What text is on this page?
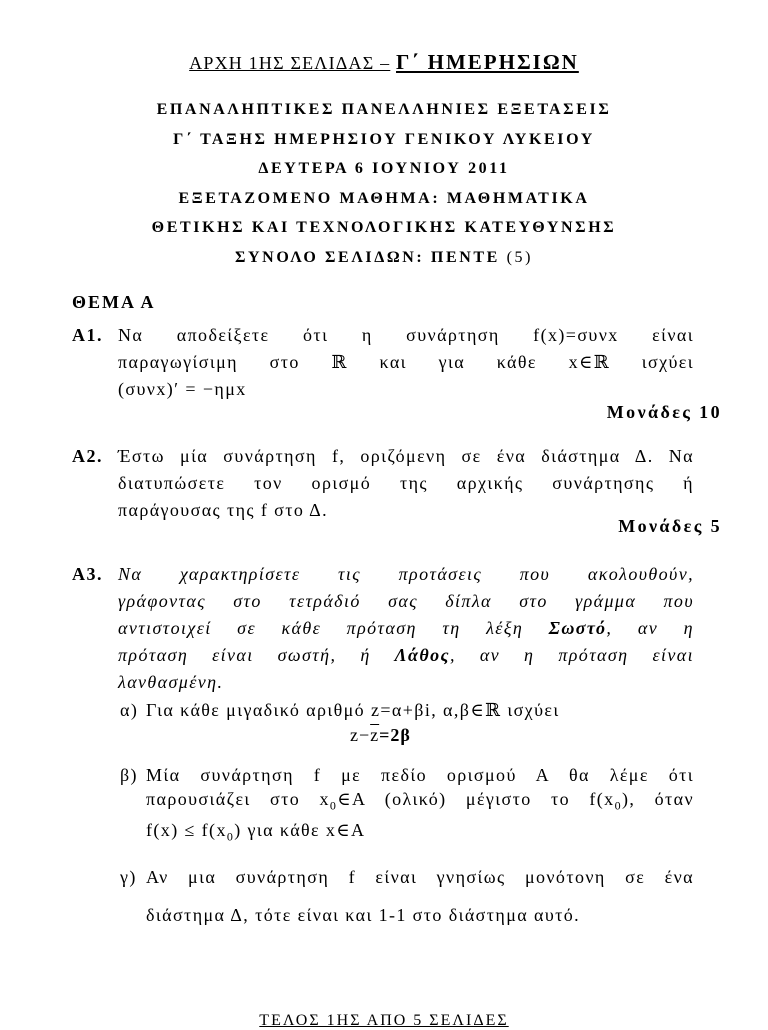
ΑΡΧΗ 1ΗΣ ΣΕΛΙΔΑΣ – Γ΄ ΗΜΕΡΗΣΙΩΝ
ΕΠΑΝΑΛΗΠΤΙΚΕΣ ΠΑΝΕΛΛΗΝΙΕΣ ΕΞΕΤΑΣΕΙΣ
Γ΄ ΤΑΞΗΣ ΗΜΕΡΗΣΙΟΥ ΓΕΝΙΚΟΥ ΛΥΚΕΙΟΥ
ΔΕΥΤΕΡΑ 6 ΙΟΥΝΙΟΥ 2011
ΕΞΕΤΑΖΟΜΕΝΟ ΜΑΘΗΜΑ: ΜΑΘΗΜΑΤΙΚΑ
ΘΕΤΙΚΗΣ ΚΑΙ ΤΕΧΝΟΛΟΓΙΚΗΣ ΚΑΤΕΥΘΥΝΣΗΣ
ΣΥΝΟΛΟ ΣΕΛΙΔΩΝ: ΠΕΝΤΕ (5)
ΘΕΜΑ Α
Α1. Να αποδείξετε ότι η συνάρτηση f(x)=συνx είναι
παραγωγίσιμη στο ℝ και για κάθε x∈ℝ ισχύει
(συνx)′ = −ημx
Μονάδες 10
Α2. Έστω μία συνάρτηση f, οριζόμενη σε ένα διάστημα Δ. Να
διατυπώσετε τον ορισμό της αρχικής συνάρτησης ή
παράγουσας της f στο Δ.
Μονάδες 5
Α3. Να χαρακτηρίσετε τις προτάσεις που ακολουθούν,
γράφοντας στο τετράδιό σας δίπλα στο γράμμα που
αντιστοιχεί σε κάθε πρόταση τη λέξη Σωστό, αν η
πρόταση είναι σωστή, ή Λάθος, αν η πρόταση είναι
λανθασμένη.
α) Για κάθε μιγαδικό αριθμό z=α+βi, α,β∈ℝ ισχύει
$z-\overline{z}=2\beta$
β) Μία συνάρτηση f με πεδίο ορισμού Α θα λέμε ότι
παρουσιάζει στο $x_0\in A$ (ολικό) μέγιστο το $f(x_0)$, όταν
$f(x) \le f(x_0)$ για κάθε x∈A
γ) Αν μια συνάρτηση f είναι γνησίως μονότονη σε ένα
διάστημα Δ, τότε είναι και 1-1 στο διάστημα αυτό.
ΤΕΛΟΣ 1ΗΣ ΑΠΟ 5 ΣΕΛΙΔΕΣ
